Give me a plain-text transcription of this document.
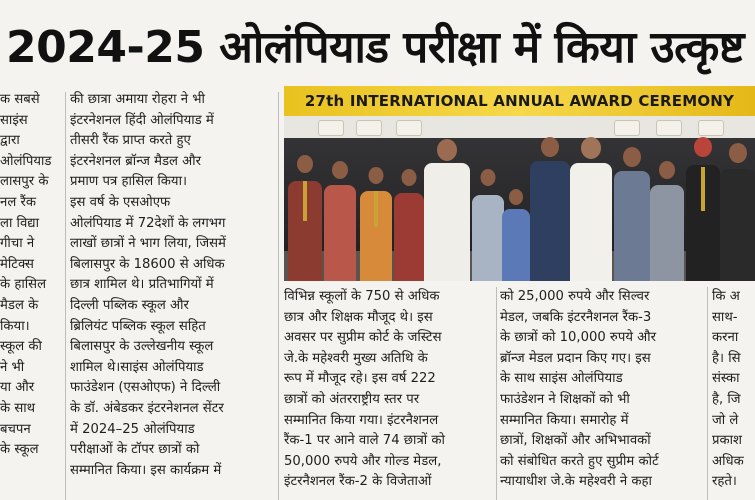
2024-25 ओलंपियाड परीक्षा में किया उत्कृष्ट
क सबसे
साइंस
द्वारा
ओलंपियाड
लासपुर के
नल रैंक
ला विद्या
गीचा ने
मेटिक्स
के हासिल
मैडल के
किया।
स्कूल की
ने भी
या और
के साथ
बचपन
के स्कूल
की छात्रा अमाया रोहरा ने भी
इंटरनेशनल हिंदी ओलंपियाड में
तीसरी रैंक प्राप्त करते हुए
इंटरनेशनल ब्रॉन्ज मैडल और
प्रमाण पत्र हासिल किया।
इस वर्ष के एसओएफ
ओलंपियाड में 72देशों के लगभग
लाखों छात्रों ने भाग लिया, जिसमें
बिलासपुर के 18600 से अधिक
छात्र शामिल थे। प्रतिभागियों में
दिल्ली पब्लिक स्कूल और
ब्रिलियंट पब्लिक स्कूल सहित
बिलासपुर के उल्लेखनीय स्कूल
शामिल थे।साइंस ओलंपियाड
फाउंडेशन (एसओएफ) ने दिल्ली
के डॉ. अंबेडकर इंटरनेशनल सेंटर
में 2024–25 ओलंपियाड
परीक्षाओं के टॉपर छात्रों को
सम्मानित किया। इस कार्यक्रम में
27th INTERNATIONAL ANNUAL AWARD CEREMONY
विभिन्न स्कूलों के 750 से अधिक
छात्र और शिक्षक मौजूद थे। इस
अवसर पर सुप्रीम कोर्ट के जस्टिस
जे.के महेश्वरी मुख्य अतिथि के
रूप में मौजूद रहे। इस वर्ष 222
छात्रों को अंतरराष्ट्रीय स्तर पर
सम्मानित किया गया। इंटरनैशनल
रैंक-1 पर आने वाले 74 छात्रों को
50,000 रुपये और गोल्ड मेडल,
इंटरनैशनल रैंक-2 के विजेताओं
को 25,000 रुपये और सिल्वर
मेडल, जबकि इंटरनैशनल रैंक-3
के छात्रों को 10,000 रुपये और
ब्रॉन्ज मेडल प्रदान किए गए। इस
के साथ साइंस ओलंपियाड
फाउंडेशन ने शिक्षकों को भी
सम्मानित किया। समारोह में
छात्रों, शिक्षकों और अभिभावकों
को संबोधित करते हुए सुप्रीम कोर्ट
न्यायाधीश जे.के महेश्वरी ने कहा
कि अ
साथ-
करना
है। सि
संस्का
है, जि
जो ले
प्रकाश
अधिक
रहते।
